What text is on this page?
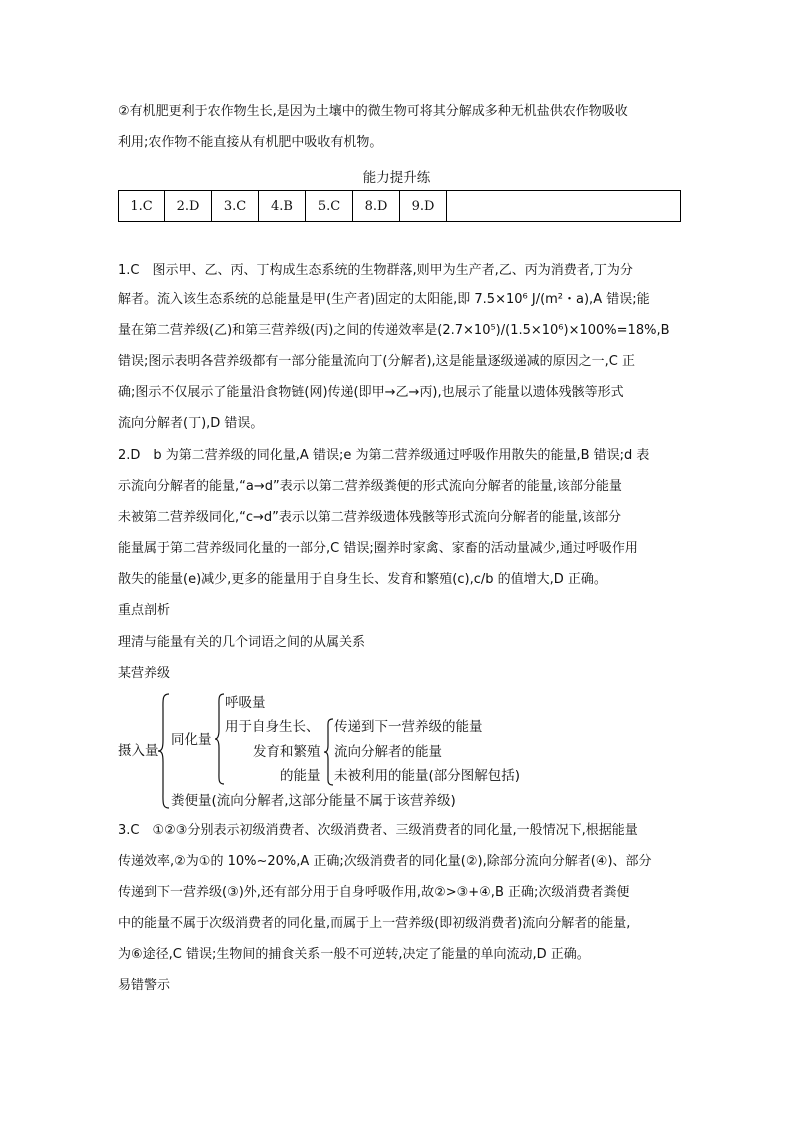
②有机肥更利于农作物生长,是因为土壤中的微生物可将其分解成多种无机盐供农作物吸收
利用;农作物不能直接从有机肥中吸收有机物。
能力提升练
1.C	2.D	3.C	4.B	5.C	8.D	9.D	
1.C　图示甲、乙、丙、丁构成生态系统的生物群落,则甲为生产者,乙、丙为消费者,丁为分
解者。流入该生态系统的总能量是甲(生产者)固定的太阳能,即 7.5×10⁶ J/(m²・a),A 错误;能
量在第二营养级(乙)和第三营养级(丙)之间的传递效率是(2.7×10⁵)/(1.5×10⁶)×100%=18%,B
错误;图示表明各营养级都有一部分能量流向丁(分解者),这是能量逐级递减的原因之一,C 正
确;图示不仅展示了能量沿食物链(网)传递(即甲→乙→丙),也展示了能量以遗体残骸等形式
流向分解者(丁),D 错误。
2.D　b 为第二营养级的同化量,A 错误;e 为第二营养级通过呼吸作用散失的能量,B 错误;d 表
示流向分解者的能量,“a→d”表示以第二营养级粪便的形式流向分解者的能量,该部分能量
未被第二营养级同化,“c→d”表示以第二营养级遗体残骸等形式流向分解者的能量,该部分
能量属于第二营养级同化量的一部分,C 错误;圈养时家禽、家畜的活动量减少,通过呼吸作用
散失的能量(e)减少,更多的能量用于自身生长、发育和繁殖(c),c/b 的值增大,D 正确。
重点剖析
理清与能量有关的几个词语之间的从属关系
某营养级
摄入量
同化量
呼吸量
用于自身生长、
发育和繁殖
的能量
传递到下一营养级的能量
流向分解者的能量
未被利用的能量(部分图解包括)
粪便量(流向分解者,这部分能量不属于该营养级)
3.C　①②③分别表示初级消费者、次级消费者、三级消费者的同化量,一般情况下,根据能量
传递效率,②为①的 10%~20%,A 正确;次级消费者的同化量(②),除部分流向分解者(④)、部分
传递到下一营养级(③)外,还有部分用于自身呼吸作用,故②>③+④,B 正确;次级消费者粪便
中的能量不属于次级消费者的同化量,而属于上一营养级(即初级消费者)流向分解者的能量,
为⑥途径,C 错误;生物间的捕食关系一般不可逆转,决定了能量的单向流动,D 正确。
易错警示
